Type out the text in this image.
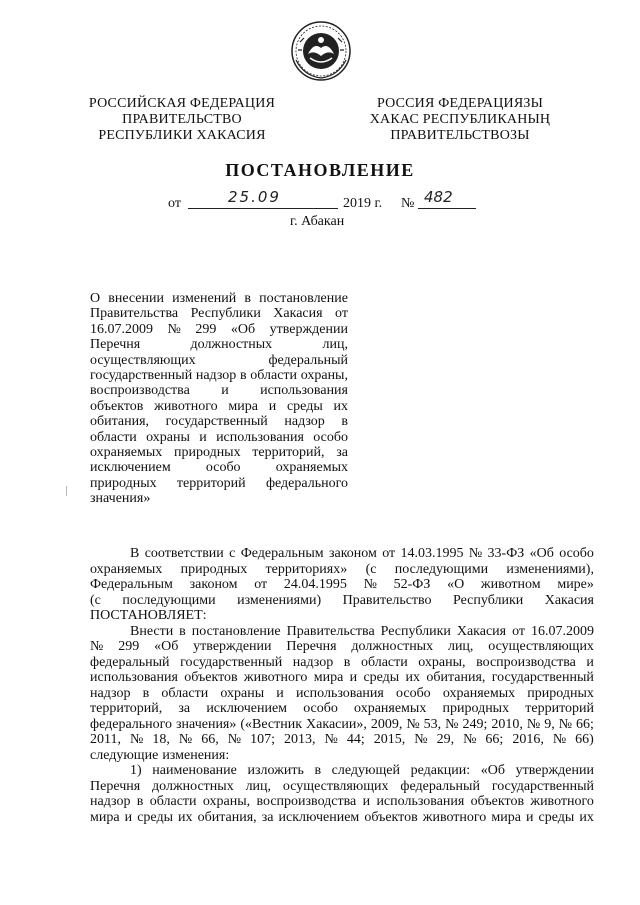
РОССИЙСКАЯ ФЕДЕРАЦИЯ
ПРАВИТЕЛЬСТВО
РЕСПУБЛИКИ ХАКАСИЯ
РОССИЯ ФЕДЕРАЦИЯЗЫ
ХАКАС РЕСПУБЛИКАНЫҢ
ПРАВИТЕЛЬСТВОЗЫ
ПОСТАНОВЛЕНИЕ
от	25.09	2019 г. № 482
г. Абакан
О внесении изменений в постановление
Правительства Республики Хакасия от
16.07.2009 № 299 «Об утверждении
Перечня	должностных	лиц,
осуществляющих	федеральный
государственный надзор в области охраны,
воспроизводства и использования
объектов животного мира и среды их
обитания, государственный надзор в
области охраны и использования особо
охраняемых природных территорий, за
исключением	особо	охраняемых
природных территорий федерального
значения»
В соответствии с Федеральным законом от 14.03.1995 № 33-ФЗ «Об особо
охраняемых природных территориях» (с последующими изменениями),
Федеральным законом от 24.04.1995 № 52-ФЗ «О животном мире»
(с последующими изменениями) Правительство Республики Хакасия
ПОСТАНОВЛЯЕТ:
Внести в постановление Правительства Республики Хакасия от 16.07.2009
№ 299 «Об утверждении Перечня должностных лиц, осуществляющих
федеральный государственный надзор в области охраны, воспроизводства и
использования объектов животного мира и среды их обитания, государственный
надзор в области охраны и использования особо охраняемых природных
территорий, за исключением особо охраняемых природных территорий
федерального значения» («Вестник Хакасии», 2009, № 53, № 249; 2010, № 9, № 66;
2011, № 18, № 66, № 107; 2013, № 44; 2015, № 29, № 66; 2016, № 66)
следующие изменения:
1) наименование изложить в следующей редакции: «Об утверждении
Перечня должностных лиц, осуществляющих федеральный государственный
надзор в области охраны, воспроизводства и использования объектов животного
мира и среды их обитания, за исключением объектов животного мира и среды их
